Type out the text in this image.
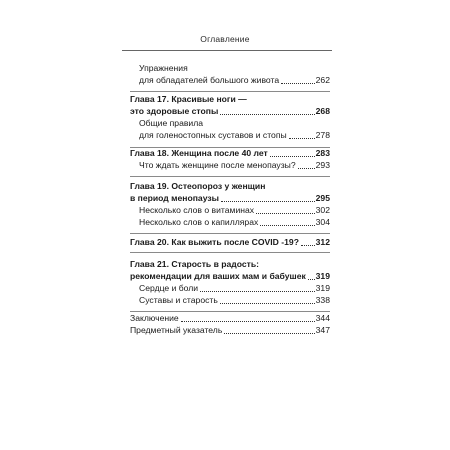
Оглавление
Упражнения
для обладателей большого живота	262
Глава 17. Красивые ноги —
это здоровые стопы	268
Общие правила
для голеностопных суставов и стопы	278
Глава 18. Женщина после 40 лет	283
Что ждать женщине после менопаузы? 293
Глава 19. Остеопороз у женщин
в период менопаузы	295
Несколько слов о витаминах	302
Несколько слов о капиллярах	304
Глава 20. Как выжить после COVID -19? 312
Глава 21. Старость в радость:
рекомендации для ваших мам и бабушек 319
Сердце и боли	319
Суставы и старость	338
Заключение	344
Предметный указатель	347
